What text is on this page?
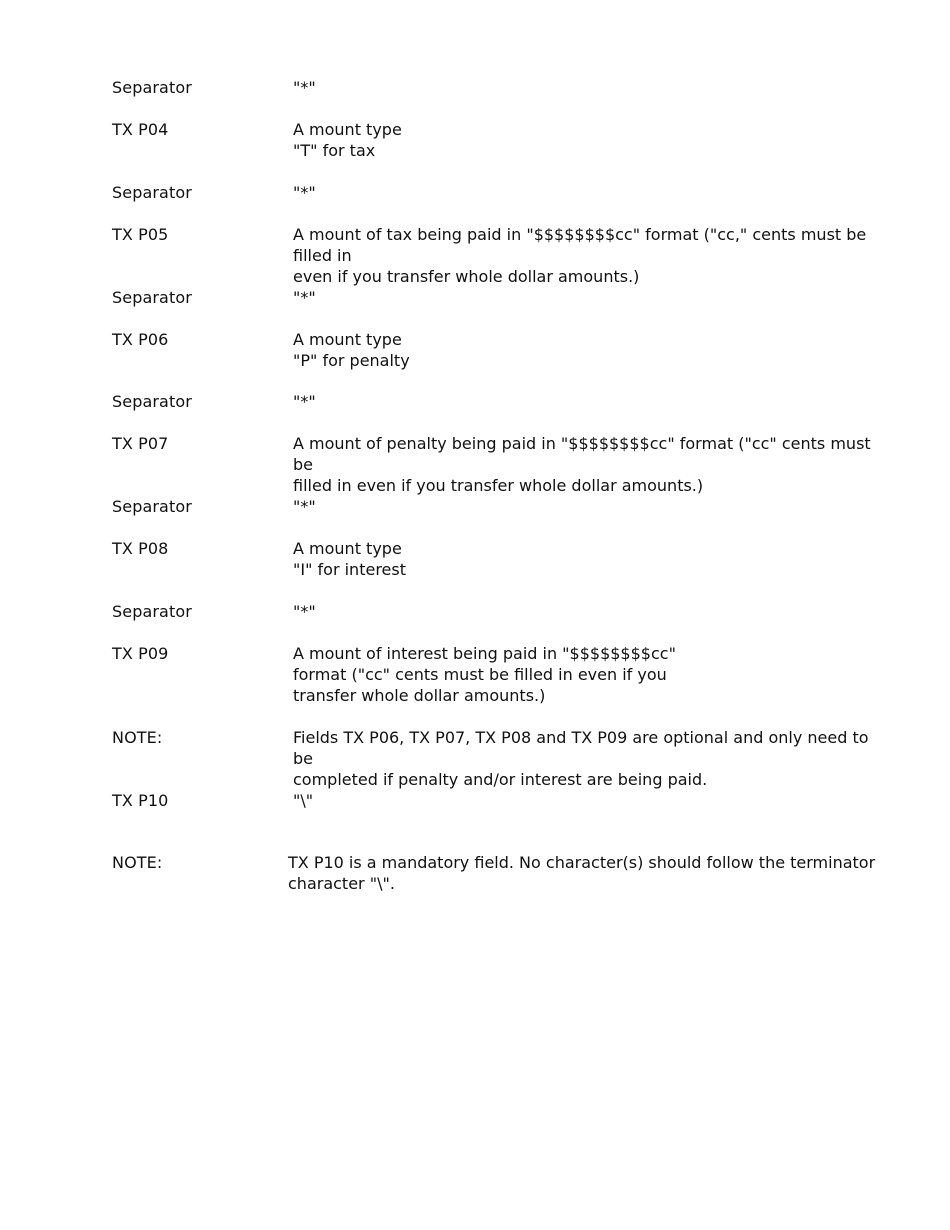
Separator	"*"
TX P04	A mount type
"T" for tax
Separator	"*"
TX P05	A mount of tax being paid in "$$$$$$$$cc" format ("cc," cents must be filled in
even if you transfer whole dollar amounts.)
Separator	"*"
TX P06	A mount type
"P" for penalty
Separator	"*"
TX P07	A mount of penalty being paid in "$$$$$$$$cc" format ("cc" cents must be
filled in even if you transfer whole dollar amounts.)
Separator	"*"
TX P08	A mount type
"I" for interest
Separator	"*"
TX P09	A mount of interest being paid in "$$$$$$$$cc"
format ("cc" cents must be filled in even if you
transfer whole dollar amounts.)
NOTE:	Fields TX P06, TX P07, TX P08 and TX P09 are optional and only need to be
completed if penalty and/or interest are being paid.
TX P10	"\"
NOTE:	TX P10 is a mandatory field. No character(s) should follow the terminator
character "\".
